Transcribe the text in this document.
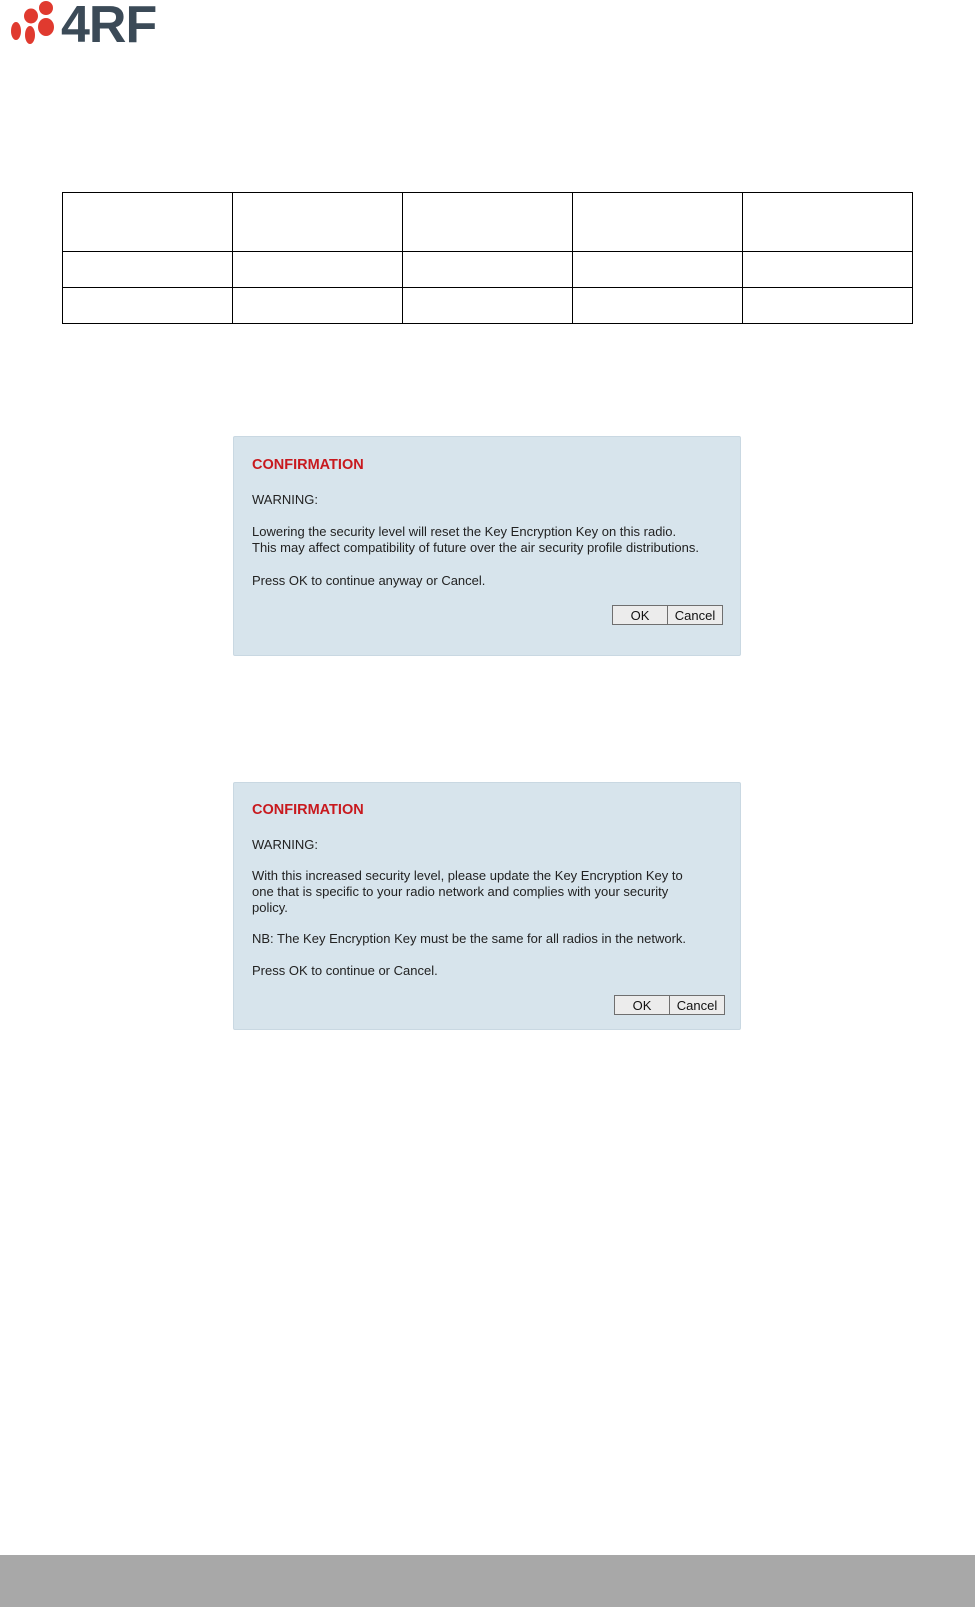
4RF

CONFIRMATION
WARNING:
Lowering the security level will reset the Key Encryption Key on this radio.
This may affect compatibility of future over the air security profile distributions.
Press OK to continue anyway or Cancel.
OK	Cancel
CONFIRMATION
WARNING:
With this increased security level, please update the Key Encryption Key to
one that is specific to your radio network and complies with your security
policy.
NB: The Key Encryption Key must be the same for all radios in the network.
Press OK to continue or Cancel.
OK	Cancel
